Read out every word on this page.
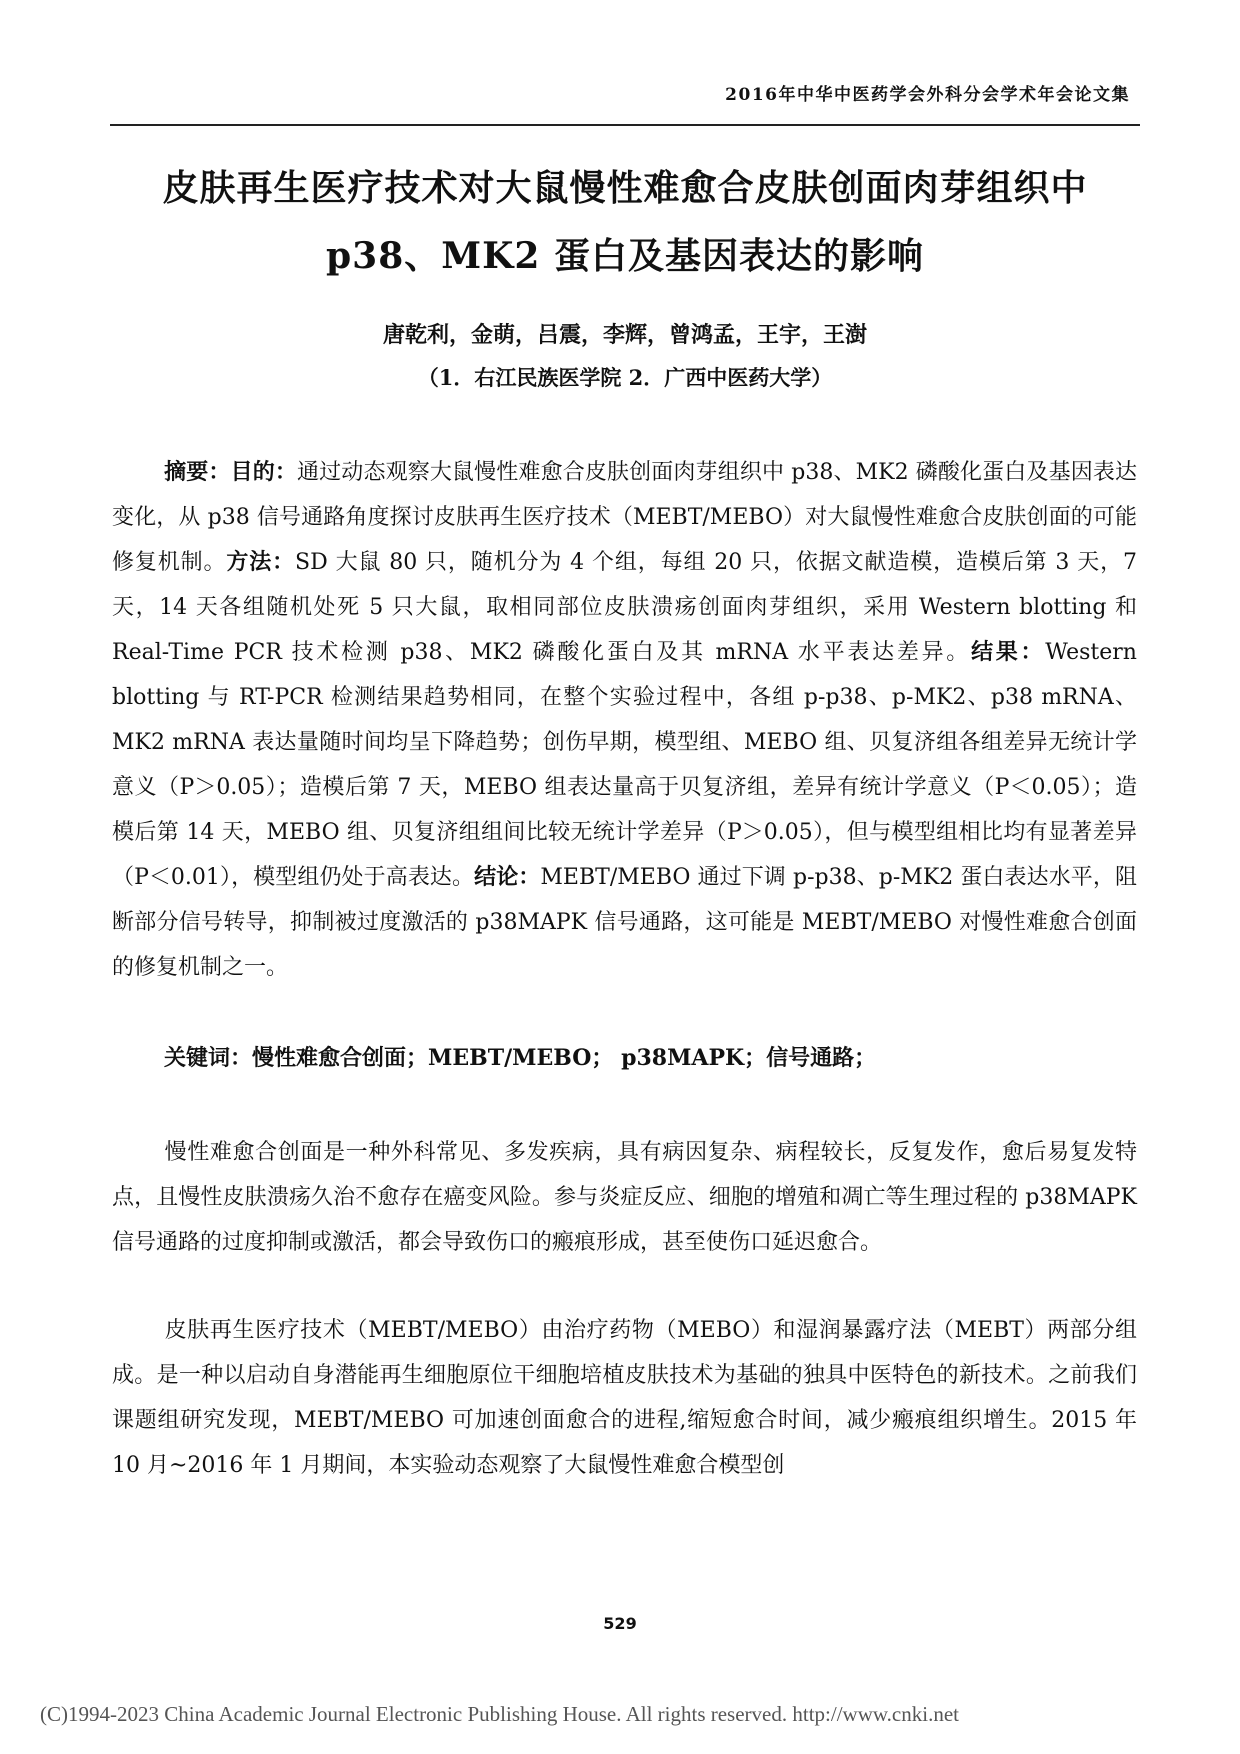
2016年中华中医药学会外科分会学术年会论文集
皮肤再生医疗技术对大鼠慢性难愈合皮肤创面肉芽组织中
p38、MK2 蛋白及基因表达的影响
唐乾利，金萌，吕震，李辉，曾鸿孟，王宇，王澍
（1．右江民族医学院 2．广西中医药大学）

摘要：目的：通过动态观察大鼠慢性难愈合皮肤创面肉芽组织中 p38、MK2 磷酸化蛋白及基因表达变化，从 p38 信号通路角度探讨皮肤再生医疗技术（MEBT/MEBO）对大鼠慢性难愈合皮肤创面的可能修复机制。方法：SD 大鼠 80 只，随机分为 4 个组，每组 20 只，依据文献造模，造模后第 3 天，7 天，14 天各组随机处死 5 只大鼠，取相同部位皮肤溃疡创面肉芽组织，采用 Western blotting 和 Real-Time PCR 技术检测 p38、MK2 磷酸化蛋白及其 mRNA 水平表达差异。结果：Western blotting 与 RT-PCR 检测结果趋势相同，在整个实验过程中，各组 p-p38、p-MK2、p38 mRNA、MK2 mRNA 表达量随时间均呈下降趋势；创伤早期，模型组、MEBO 组、贝复济组各组差异无统计学意义（P＞0.05）；造模后第 7 天，MEBO 组表达量高于贝复济组，差异有统计学意义（P＜0.05）；造模后第 14 天，MEBO 组、贝复济组组间比较无统计学差异（P＞0.05），但与模型组相比均有显著差异（P＜0.01），模型组仍处于高表达。结论：MEBT/MEBO 通过下调 p-p38、p-MK2 蛋白表达水平，阻断部分信号转导，抑制被过度激活的 p38MAPK 信号通路，这可能是 MEBT/MEBO 对慢性难愈合创面的修复机制之一。

关键词：慢性难愈合创面；MEBT/MEBO； p38MAPK；信号通路；

慢性难愈合创面是一种外科常见、多发疾病，具有病因复杂、病程较长，反复发作，愈后易复发特点，且慢性皮肤溃疡久治不愈存在癌变风险。参与炎症反应、细胞的增殖和凋亡等生理过程的 p38MAPK 信号通路的过度抑制或激活，都会导致伤口的瘢痕形成，甚至使伤口延迟愈合。

皮肤再生医疗技术（MEBT/MEBO）由治疗药物（MEBO）和湿润暴露疗法（MEBT）两部分组成。是一种以启动自身潜能再生细胞原位干细胞培植皮肤技术为基础的独具中医特色的新技术。之前我们课题组研究发现，MEBT/MEBO 可加速创面愈合的进程,缩短愈合时间，减少瘢痕组织增生。2015 年 10 月~2016 年 1 月期间，本实验动态观察了大鼠慢性难愈合模型创

529
(C)1994-2023 China Academic Journal Electronic Publishing House. All rights reserved. http://www.cnki.net
